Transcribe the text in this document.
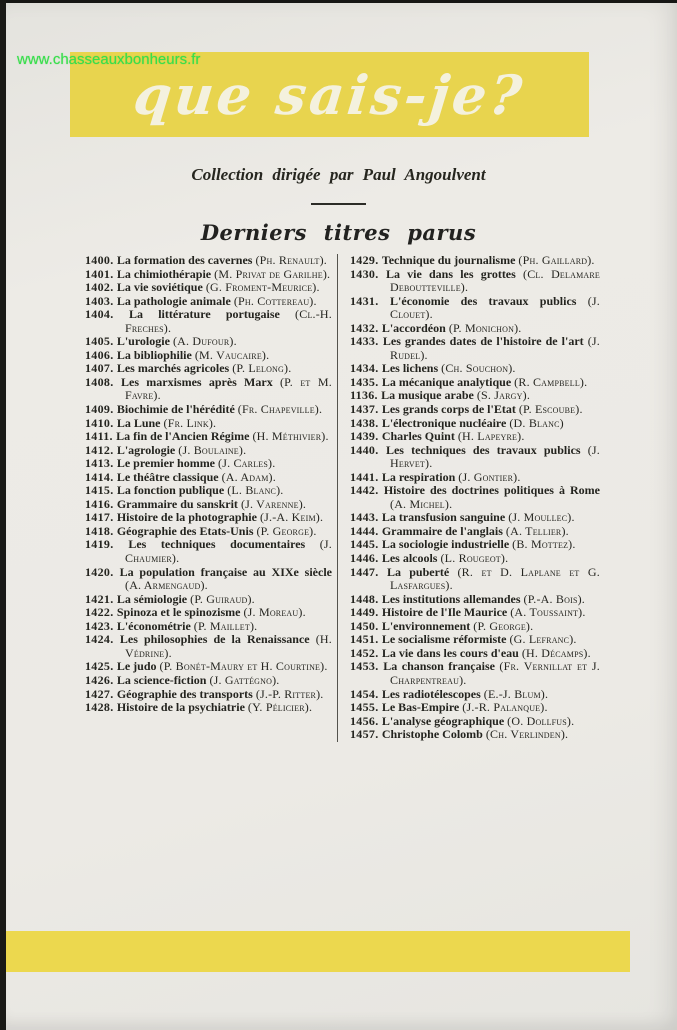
www.chasseauxbonheurs.fr
que sais-je?
Collection dirigée par Paul Angoulvent
Derniers titres parus
1400. La formation des cavernes (Ph. Renault).
1401. La chimiothérapie (M. Privat de Garilhe).
1402. La vie soviétique (G. Froment-Meurice).
1403. La pathologie animale (Ph. Cottereau).
1404. La littérature portugaise (Cl.-H. Freches).
1405. L'urologie (A. Dufour).
1406. La bibliophilie (M. Vaucaire).
1407. Les marchés agricoles (P. Lelong).
1408. Les marxismes après Marx (P. et M. Favre).
1409. Biochimie de l'hérédité (Fr. Chapeville).
1410. La Lune (Fr. Link).
1411. La fin de l'Ancien Régime (H. Méthivier).
1412. L'agrologie (J. Boulaine).
1413. Le premier homme (J. Carles).
1414. Le théâtre classique (A. Adam).
1415. La fonction publique (L. Blanc).
1416. Grammaire du sanskrit (J. Varenne).
1417. Histoire de la photographie (J.-A. Keim).
1418. Géographie des Etats-Unis (P. George).
1419. Les techniques documentaires (J. Chaumier).
1420. La population française au XIXe siècle (A. Armengaud).
1421. La sémiologie (P. Guiraud).
1422. Spinoza et le spinozisme (J. Moreau).
1423. L'économétrie (P. Maillet).
1424. Les philosophies de la Renaissance (H. Védrine).
1425. Le judo (P. Bonét-Maury et H. Courtine).
1426. La science-fiction (J. Gattégno).
1427. Géographie des transports (J.-P. Ritter).
1428. Histoire de la psychiatrie (Y. Pélicier).
1429. Technique du journalisme (Ph. Gaillard).
1430. La vie dans les grottes (Cl. Delamare Deboutteville).
1431. L'économie des travaux publics (J. Clouet).
1432. L'accordéon (P. Monichon).
1433. Les grandes dates de l'histoire de l'art (J. Rudel).
1434. Les lichens (Ch. Souchon).
1435. La mécanique analytique (R. Campbell).
1136. La musique arabe (S. Jargy).
1437. Les grands corps de l'Etat (P. Escoube).
1438. L'électronique nucléaire (D. Blanc)
1439. Charles Quint (H. Lapeyre).
1440. Les techniques des travaux publics (J. Hervet).
1441. La respiration (J. Gontier).
1442. Histoire des doctrines politiques à Rome (A. Michel).
1443. La transfusion sanguine (J. Moullec).
1444. Grammaire de l'anglais (A. Tellier).
1445. La sociologie industrielle (B. Mottez).
1446. Les alcools (L. Rougeot).
1447. La puberté (R. et D. Laplane et G. Lasfargues).
1448. Les institutions allemandes (P.-A. Bois).
1449. Histoire de l'Ile Maurice (A. Toussaint).
1450. L'environnement (P. George).
1451. Le socialisme réformiste (G. Lefranc).
1452. La vie dans les cours d'eau (H. Décamps).
1453. La chanson française (Fr. Vernillat et J. Charpentreau).
1454. Les radiotélescopes (E.-J. Blum).
1455. Le Bas-Empire (J.-R. Palanque).
1456. L'analyse géographique (O. Dollfus).
1457. Christophe Colomb (Ch. Verlinden).
